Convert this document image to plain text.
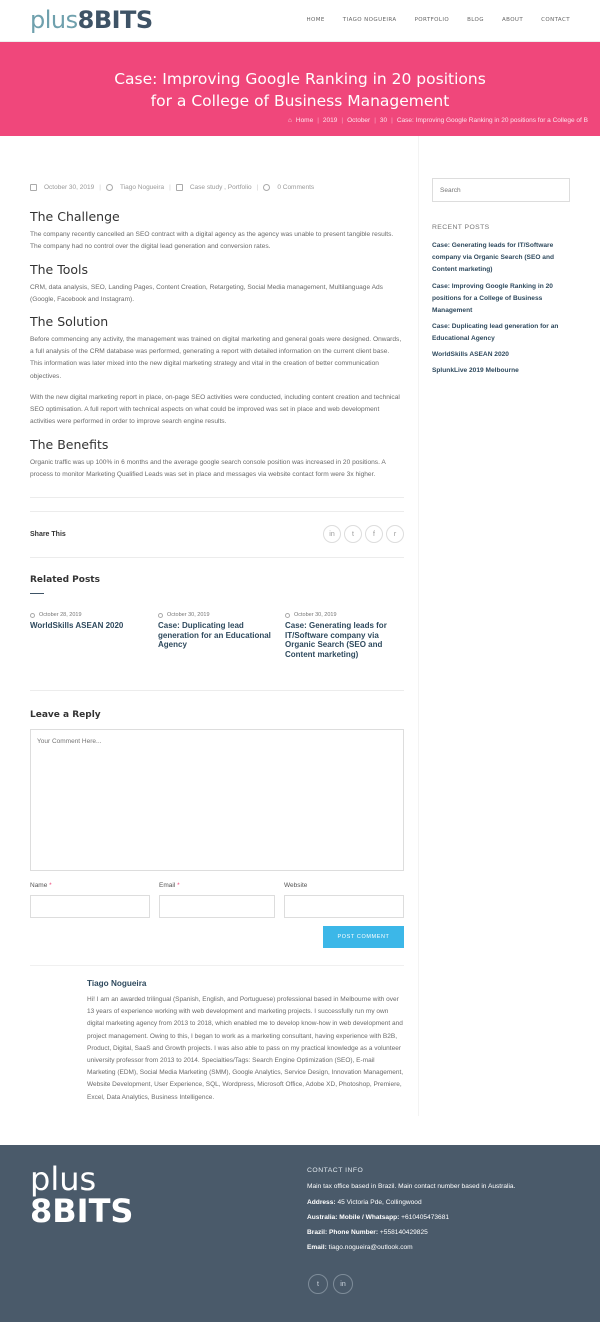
plus8BITS	HOME	TIAGO NOGUEIRA	PORTFOLIO	BLOG	ABOUT	CONTACT
Case: Improving Google Ranking in 20 positions
for a College of Business Management
⌂ Home | 2019 | October | 30 | Case: Improving Google Ranking in 20 positions for a College of B
October 30, 2019 |	Tiago Nogueira |	Case study , Portfolio |	0 Comments
The Challenge
The company recently cancelled an SEO contract with a digital agency as the agency was unable to present tangible results. The company had no control over the digital lead generation and conversion rates.
The Tools
CRM, data analysis, SEO, Landing Pages, Content Creation, Retargeting, Social Media management, Multilanguage Ads (Google, Facebook and Instagram).
The Solution
Before commencing any activity, the management was trained on digital marketing and general goals were designed. Onwards, a full analysis of the CRM database was performed, generating a report with detailed information on the current client base. This information was later mixed into the new digital marketing strategy and vital in the creation of better communication objectives.
With the new digital marketing report in place, on-page SEO activities were conducted, including content creation and technical SEO optimisation. A full report with technical aspects on what could be improved was set in place and web development activities were performed in order to improve search engine results.
The Benefits
Organic traffic was up 100% in 6 months and the average google search console position was increased in 20 positions. A process to monitor Marketing Qualified Leads was set in place and messages via website contact form were 3x higher.
Share This	in	t	f	r
Related Posts
October 28, 2019
WorldSkills ASEAN 2020
October 30, 2019
Case: Duplicating lead generation for an Educational Agency
October 30, 2019
Case: Generating leads for IT/Software company via Organic Search (SEO and Content marketing)
Leave a Reply
Your Comment Here...
Name *	Email *	Website
POST COMMENT
Tiago Nogueira
Hi! I am an awarded trilingual (Spanish, English, and Portuguese) professional based in Melbourne with over 13 years of experience working with web development and marketing projects. I successfully run my own digital marketing agency from 2013 to 2018, which enabled me to develop know-how in web development and project management. Owing to this, I began to work as a marketing consultant, having experience with B2B, Product, Digital, SaaS and Growth projects. I was also able to pass on my practical knowledge as a volunteer university professor from 2013 to 2014. Specialties/Tags: Search Engine Optimization (SEO), E-mail Marketing (EDM), Social Media Marketing (SMM), Google Analytics, Service Design, Innovation Management, Website Development, User Experience, SQL, Wordpress, Microsoft Office, Adobe XD, Photoshop, Premiere, Excel, Data Analytics, Business Intelligence.
Search
RECENT POSTS
Case: Generating leads for IT/Software company via Organic Search (SEO and Content marketing)
Case: Improving Google Ranking in 20 positions for a College of Business Management
Case: Duplicating lead generation for an Educational Agency
WorldSkills ASEAN 2020
SplunkLive 2019 Melbourne
plus
8BITS
CONTACT INFO
Main tax office based in Brazil. Main contact number based in Australia.
Address: 45 Victoria Pde, Collingwood
Australia: Mobile / Whatsapp: +610405473681
Brazil: Phone Number: +558140429825
Email: tiago.nogueira@outlook.com
t	in
